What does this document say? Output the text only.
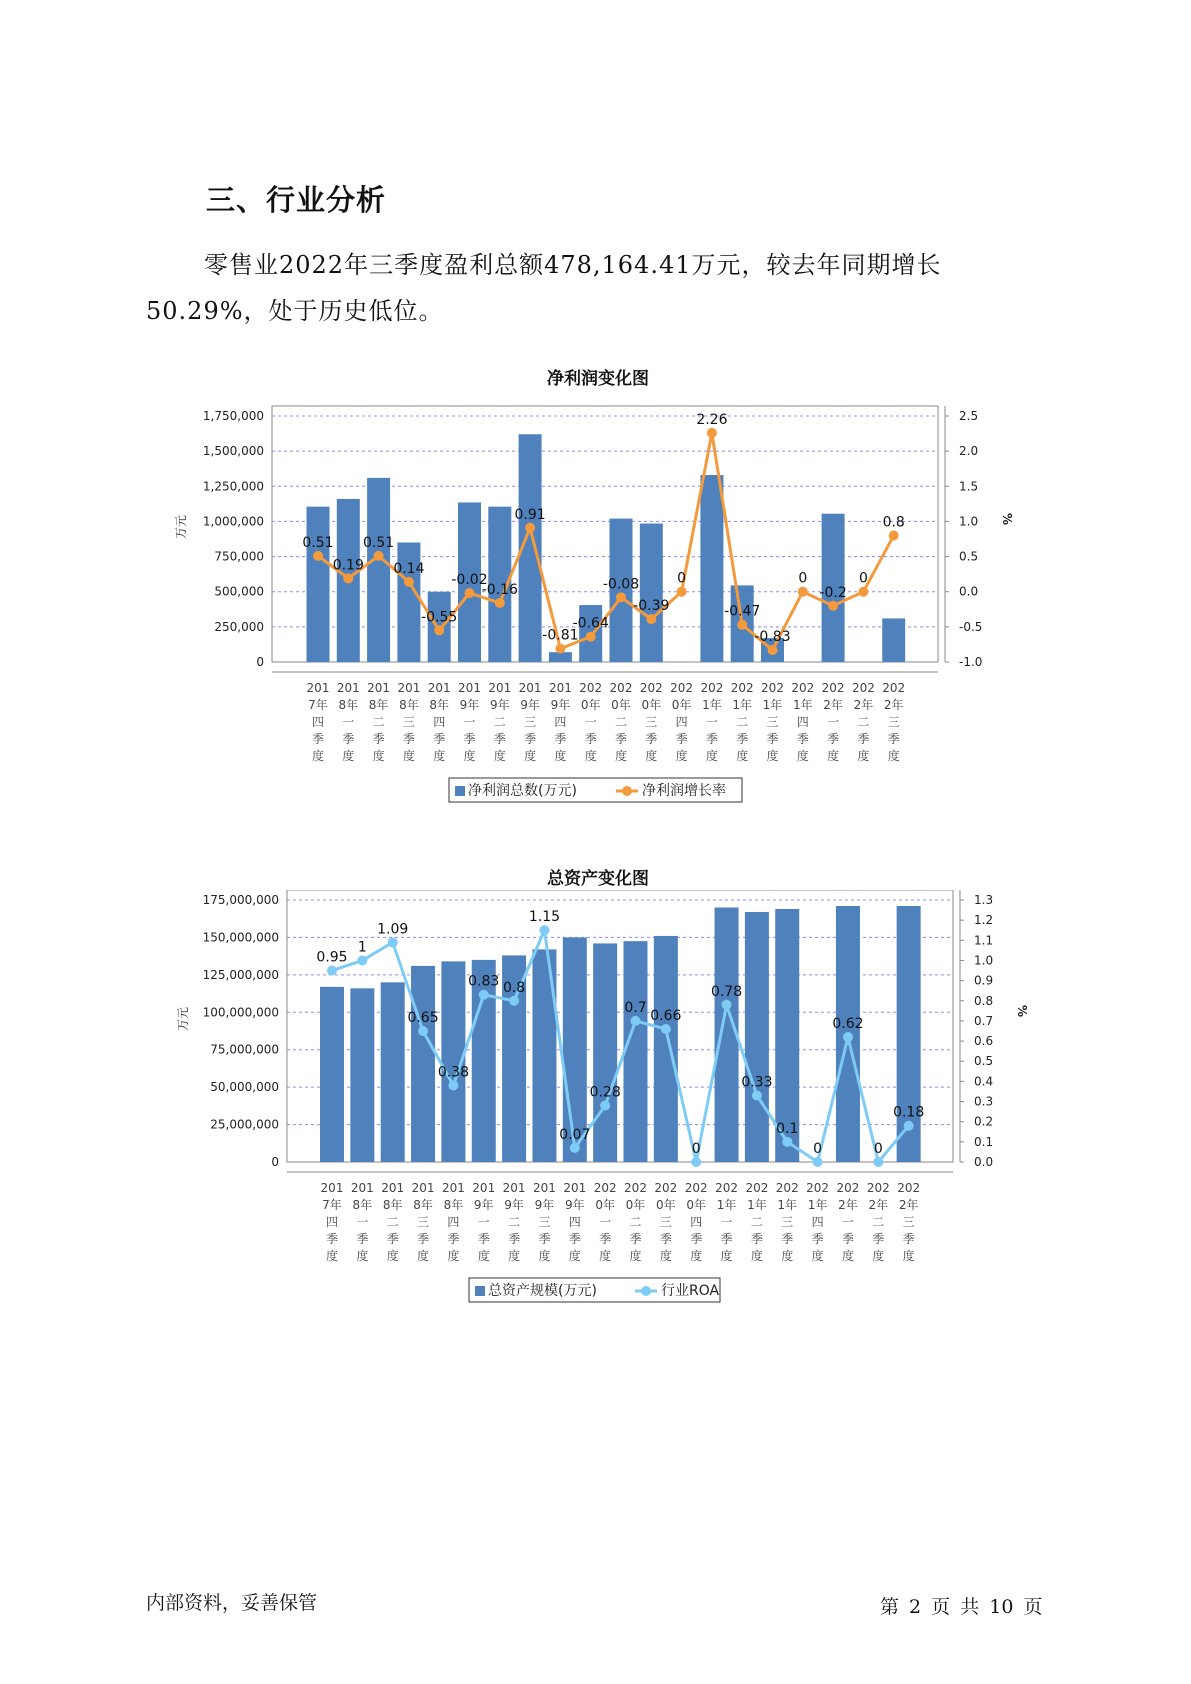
三、行业分析
零售业2022年三季度盈利总额478,164.41万元，较去年同期增长50.29%，处于历史低位。
净利润变化图
0
250,000
500,000
750,000
1,000,000
1,250,000
1,500,000
1,750,000
万元
-1.0
-0.5
0.0
0.5
1.0
1.5
2.0
2.5
%
0.51
0.19
0.51
0.14
-0.55
-0.02
-0.16
0.91
-0.81
-0.64
-0.08
-0.39
0
2.26
-0.47
-0.83
0
-0.2
0
0.8
201
7年
四
季
度
201
8年
一
季
度
201
8年
二
季
度
201
8年
三
季
度
201
8年
四
季
度
201
9年
一
季
度
201
9年
二
季
度
201
9年
三
季
度
201
9年
四
季
度
202
0年
一
季
度
202
0年
二
季
度
202
0年
三
季
度
202
0年
四
季
度
202
1年
一
季
度
202
1年
二
季
度
202
1年
三
季
度
202
1年
四
季
度
202
2年
一
季
度
202
2年
二
季
度
202
2年
三
季
度
净利润总数(万元)	净利润增长率
总资产变化图
0
25,000,000
50,000,000
75,000,000
100,000,000
125,000,000
150,000,000
175,000,000
万元
0.0
0.1
0.2
0.3
0.4
0.5
0.6
0.7
0.8
0.9
1.0
1.1
1.2
1.3
%
0.95
1
1.09
0.65
0.38
0.83 0.8
1.15
0.07
0.28
0.7
0.66
0
0.78
0.33
0.1
0
0.62
0
0.18
201
7年
四
季
度
201
8年
一
季
度
201
8年
二
季
度
201
8年
三
季
度
201
8年
四
季
度
201
9年
一
季
度
201
9年
二
季
度
201
9年
三
季
度
201
9年
四
季
度
202
0年
一
季
度
202
0年
二
季
度
202
0年
三
季
度
202
0年
四
季
度
202
1年
一
季
度
202
1年
二
季
度
202
1年
三
季
度
202
1年
四
季
度
202
2年
一
季
度
202
2年
二
季
度
202
2年
三
季
度
总资产规模(万元)	行业ROA
内部资料，妥善保管	第 2 页 共 10 页
